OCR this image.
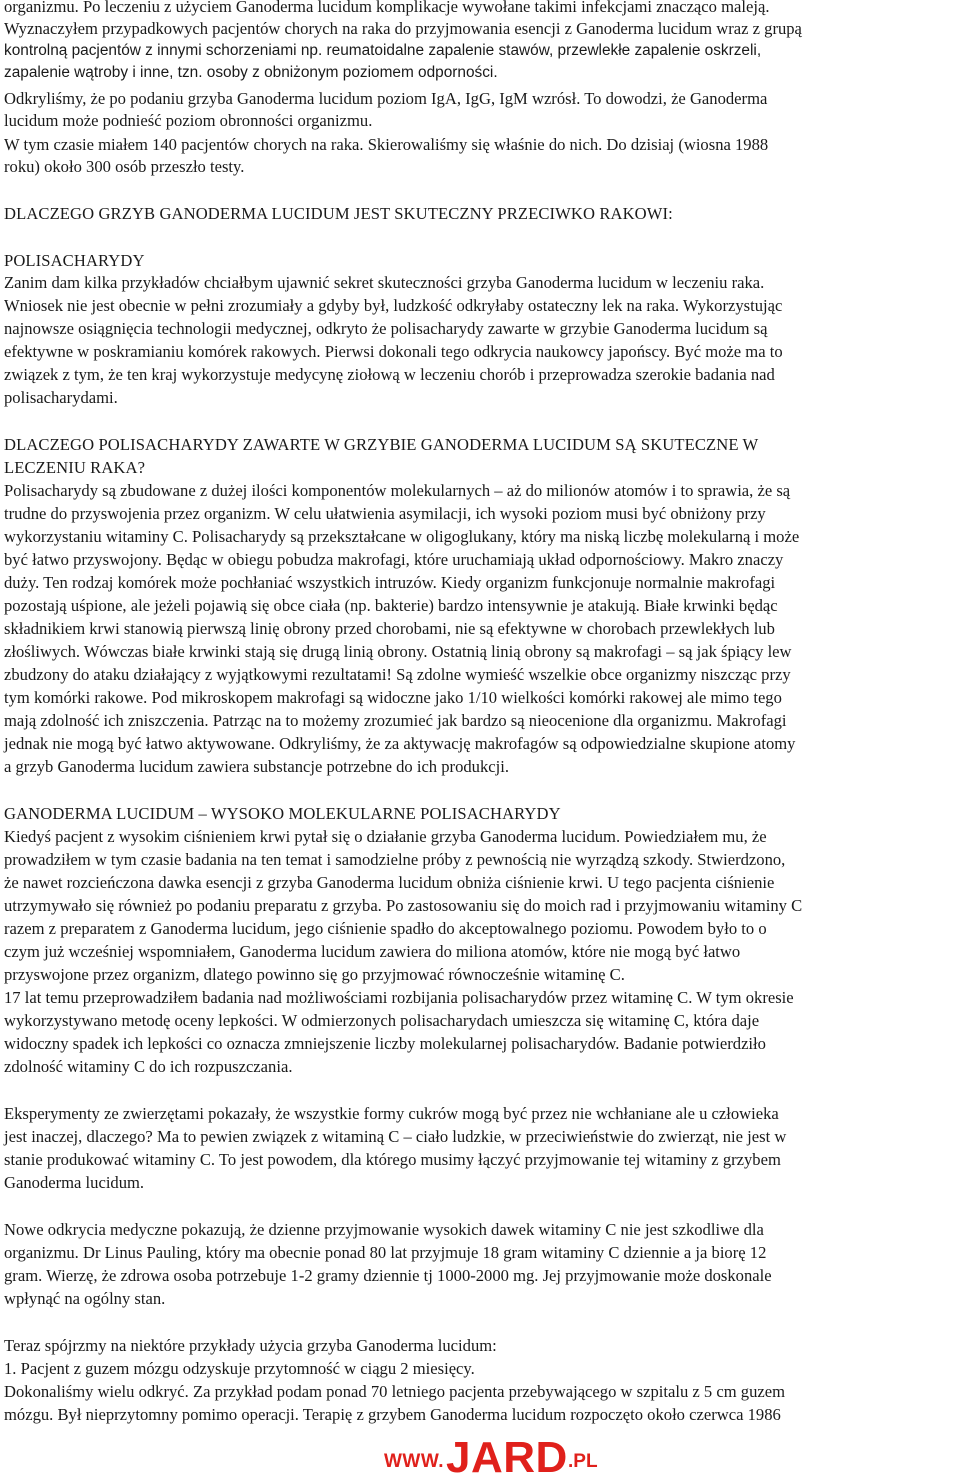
organizmu. Po leczeniu z użyciem Ganoderma lucidum komplikacje wywołane takimi infekcjami znacząco maleją.
Wyznaczyłem przypadkowych pacjentów chorych na raka do przyjmowania esencji z Ganoderma lucidum wraz z grupą
kontrolną pacjentów z innymi schorzeniami np. reumatoidalne zapalenie stawów, przewlekłe zapalenie oskrzeli,
zapalenie wątroby i inne, tzn. osoby z obniżonym poziomem odporności.
Odkryliśmy, że po podaniu grzyba Ganoderma lucidum poziom IgA, IgG, IgM wzrósł. To dowodzi, że Ganoderma
lucidum może podnieść poziom obronności organizmu.
W tym czasie miałem 140 pacjentów chorych na raka. Skierowaliśmy się właśnie do nich. Do dzisiaj (wiosna 1988
roku) około 300 osób przeszło testy.
DLACZEGO GRZYB GANODERMA LUCIDUM JEST SKUTECZNY PRZECIWKO RAKOWI:
POLISACHARYDY
Zanim dam kilka przykładów chciałbym ujawnić sekret skuteczności grzyba Ganoderma lucidum w leczeniu raka.
Wniosek nie jest obecnie w pełni zrozumiały a gdyby był, ludzkość odkryłaby ostateczny lek na raka. Wykorzystując
najnowsze osiągnięcia technologii medycznej, odkryto że polisacharydy zawarte w grzybie Ganoderma lucidum są
efektywne w poskramianiu komórek rakowych. Pierwsi dokonali tego odkrycia naukowcy japońscy. Być może ma to
związek z tym, że ten kraj wykorzystuje medycynę ziołową w leczeniu chorób i przeprowadza szerokie badania nad
polisacharydami.
DLACZEGO POLISACHARYDY ZAWARTE W GRZYBIE GANODERMA LUCIDUM SĄ SKUTECZNE W
LECZENIU RAKA?
Polisacharydy są zbudowane z dużej ilości komponentów molekularnych – aż do milionów atomów i to sprawia, że są
trudne do przyswojenia przez organizm. W celu ułatwienia asymilacji, ich wysoki poziom musi być obniżony przy
wykorzystaniu witaminy C. Polisacharydy są przekształcane w oligoglukany, który ma niską liczbę molekularną i może
być łatwo przyswojony. Będąc w obiegu pobudza makrofagi, które uruchamiają układ odpornościowy. Makro znaczy
duży. Ten rodzaj komórek może pochłaniać wszystkich intruzów. Kiedy organizm funkcjonuje normalnie makrofagi
pozostają uśpione, ale jeżeli pojawią się obce ciała (np. bakterie) bardzo intensywnie je atakują. Białe krwinki będąc
składnikiem krwi stanowią pierwszą linię obrony przed chorobami, nie są efektywne w chorobach przewlekłych lub
złośliwych. Wówczas białe krwinki stają się drugą linią obrony. Ostatnią linią obrony są makrofagi – są jak śpiący lew
zbudzony do ataku działający z wyjątkowymi rezultatami! Są zdolne wymieść wszelkie obce organizmy niszcząc przy
tym komórki rakowe. Pod mikroskopem makrofagi są widoczne jako 1/10 wielkości komórki rakowej ale mimo tego
mają zdolność ich zniszczenia. Patrząc na to możemy zrozumieć jak bardzo są nieocenione dla organizmu. Makrofagi
jednak nie mogą być łatwo aktywowane. Odkryliśmy, że za aktywację makrofagów są odpowiedzialne skupione atomy
a grzyb Ganoderma lucidum zawiera substancje potrzebne do ich produkcji.
GANODERMA LUCIDUM – WYSOKO MOLEKULARNE POLISACHARYDY
Kiedyś pacjent z wysokim ciśnieniem krwi pytał się o działanie grzyba Ganoderma lucidum. Powiedziałem mu, że
prowadziłem w tym czasie badania na ten temat i samodzielne próby z pewnością nie wyrządzą szkody. Stwierdzono,
że nawet rozcieńczona dawka esencji z grzyba Ganoderma lucidum obniża ciśnienie krwi. U tego pacjenta ciśnienie
utrzymywało się również po podaniu preparatu z grzyba. Po zastosowaniu się do moich rad i przyjmowaniu witaminy C
razem z preparatem z Ganoderma lucidum, jego ciśnienie spadło do akceptowalnego poziomu. Powodem było to o
czym już wcześniej wspomniałem, Ganoderma lucidum zawiera do miliona atomów, które nie mogą być łatwo
przyswojone przez organizm, dlatego powinno się go przyjmować równocześnie witaminę C.
17 lat temu przeprowadziłem badania nad możliwościami rozbijania polisacharydów przez witaminę C. W tym okresie
wykorzystywano metodę oceny lepkości. W odmierzonych polisacharydach umieszcza się witaminę C, która daje
widoczny spadek ich lepkości co oznacza zmniejszenie liczby molekularnej polisacharydów. Badanie potwierdziło
zdolność witaminy C do ich rozpuszczania.
Eksperymenty ze zwierzętami pokazały, że wszystkie formy cukrów mogą być przez nie wchłaniane ale u człowieka
jest inaczej, dlaczego? Ma to pewien związek z witaminą C – ciało ludzkie, w przeciwieństwie do zwierząt, nie jest w
stanie produkować witaminy C. To jest powodem, dla którego musimy łączyć przyjmowanie tej witaminy z grzybem
Ganoderma lucidum.
Nowe odkrycia medyczne pokazują, że dzienne przyjmowanie wysokich dawek witaminy C nie jest szkodliwe dla
organizmu. Dr Linus Pauling, który ma obecnie ponad 80 lat przyjmuje 18 gram witaminy C dziennie a ja biorę 12
gram. Wierzę, że zdrowa osoba potrzebuje 1-2 gramy dziennie tj 1000-2000 mg. Jej przyjmowanie może doskonale
wpłynąć na ogólny stan.
Teraz spójrzmy na niektóre przykłady użycia grzyba Ganoderma lucidum:
1. Pacjent z guzem mózgu odzyskuje przytomność w ciągu 2 miesięcy.
Dokonaliśmy wielu odkryć. Za przykład podam ponad 70 letniego pacjenta przebywającego w szpitalu z 5 cm guzem
mózgu. Był nieprzytomny pomimo operacji. Terapię z grzybem Ganoderma lucidum rozpoczęto około czerwca 1986
WWW. JARD .PL
